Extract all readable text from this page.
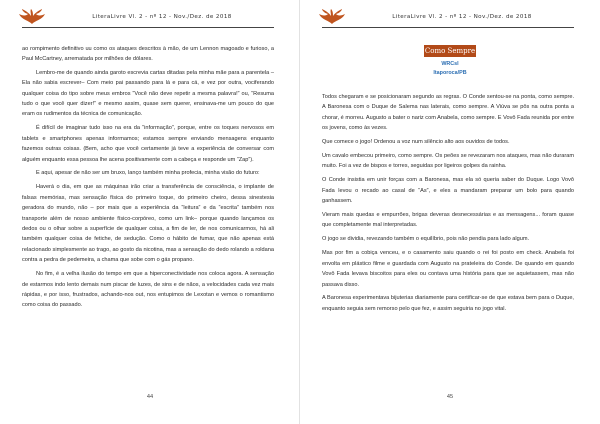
LiteraLivre Vl. 2 - nº 12 - Nov./Dez. de 2018

ao rompimento definitivo uu como os ataques descritos à mão, de um Lennon magoado e furioso, a Paul McCartney, arrematada por milhões de dólares.

Lembro-me de quando ainda garoto escrevia cartas ditadas pela minha mãe para a parentela – Ela não sabia escrever– Com meio pai passando para lá e para cá, e vez por outra, vociferando qualquer coisa do tipo sobre meus embros “Você não deve repetir a mesma palavra!” ou, “Resuma tudo o que você quer dizer!” e mesmo assim, quase sem querer, ensinava-me um pouco do que eram os rudimentos da técnica de comunicação.

É difícil de imaginar tudo isso na era da “informação”, porque, entre os toques nervosos em tablets e smartphones apenas informamos; estamos sempre enviando mensagens enquanto fazemos outras coisas. (Bem, acho que você certamente já teve a experiência de conversar com alguém enquanto essa pessoa lhe acena positivamente com a cabeça e responde um “Zap”).

E aqui, apesar de não ser um bruxo, lanço também minha profecia, minha visão do futuro:

Haverá o dia, em que as máquinas irão criar a transferência de consciência, o implante de falsas memórias, mas sensação física do primeiro toque, do primeiro cheiro, dessa sinestesia geradora do mundo, não – por mais que a experiência da “leitura” e da “escrita” também nos transporte além de nosso ambiente físico-corpóreo, como um link– porque quando lançamos os dedos ou o olhar sobre a superfície de qualquer coisa, a fim de ler, de nos comunicarmos, há ali também qualquer coisa de fetiche, de sedução. Como o hábito de fumar, que não apenas está relacionado simplesmente ao trago, ao gosto da nicotina, mas a sensação do dedo rolando a roldana contra a pedra de pedemeira, a chama que sobe com o gás propano.

No fim, é a velha ilusão do tempo em que a hiperconectividade nos coloca agora. A sensação de estarmos indo lento demais num piscar de luzes, de sins e de nãos, a velocidades cada vez mais rápidas, e por isso, frustrados, achando-nos out, nos entupimos de Lexotan e vemos o romantismo como coisa do passado.

44
LiteraLivre Vl. 2 - nº 12 - Nov./Dez. de 2018
Como Sempre
WRCsl
Itaporoca/PB

Todos chegaram e se posicionaram segundo as regras. O Conde sentou-se na ponta, como sempre. A Baronesa com o Duque de Salema nas laterais, como sempre. A Viúva se pôs na outra ponta a chorar, é morreu. Augusto a bater o nariz com Anabela, como sempre. E Vovô Fada reunida por entre os jovens, como às vezes.

Que comece o jogo! Ordenou a voz num silêncio alto aos ouvidos de todos.

Um cavalo embecou primeiro, como sempre. Os peões se revezaram nos ataques, mas não duraram muito. Foi a vez de bispos e torres, seguidas por ligeiros golpes da rainha.

O Conde insistia em unir forças com a Baronesa, mas ela só queria saber do Duque. Logo Vovô Fada levou o recado ao casal de “As”, e eles a mandaram preparar um bolo para quando ganhassem.

Vieram mais quedas e empurrões, brigas deveras desnecessárias e as mensagens... foram quase que completamente mal interpretadas.

O jogo se dividia, revezando também o equilíbrio, pois não pendia para lado algum.

Mas por fim a cobiça venceu, e o casamento saiu quando o rei foi posto em check. Anabela foi envolta em plástico filme e guardada com Augusto na prateleira do Conde. De quando em quando Vovô Fada levava biscoitos para eles ou contava uma história para que se aquietassem, mas não passava disso.

A Baronesa experimentava bijuterias diariamente para certificar-se de que estava bem para o Duque, enquanto seguia sem remorso pelo que fez, e assim seguiria no jogo vital.

45
